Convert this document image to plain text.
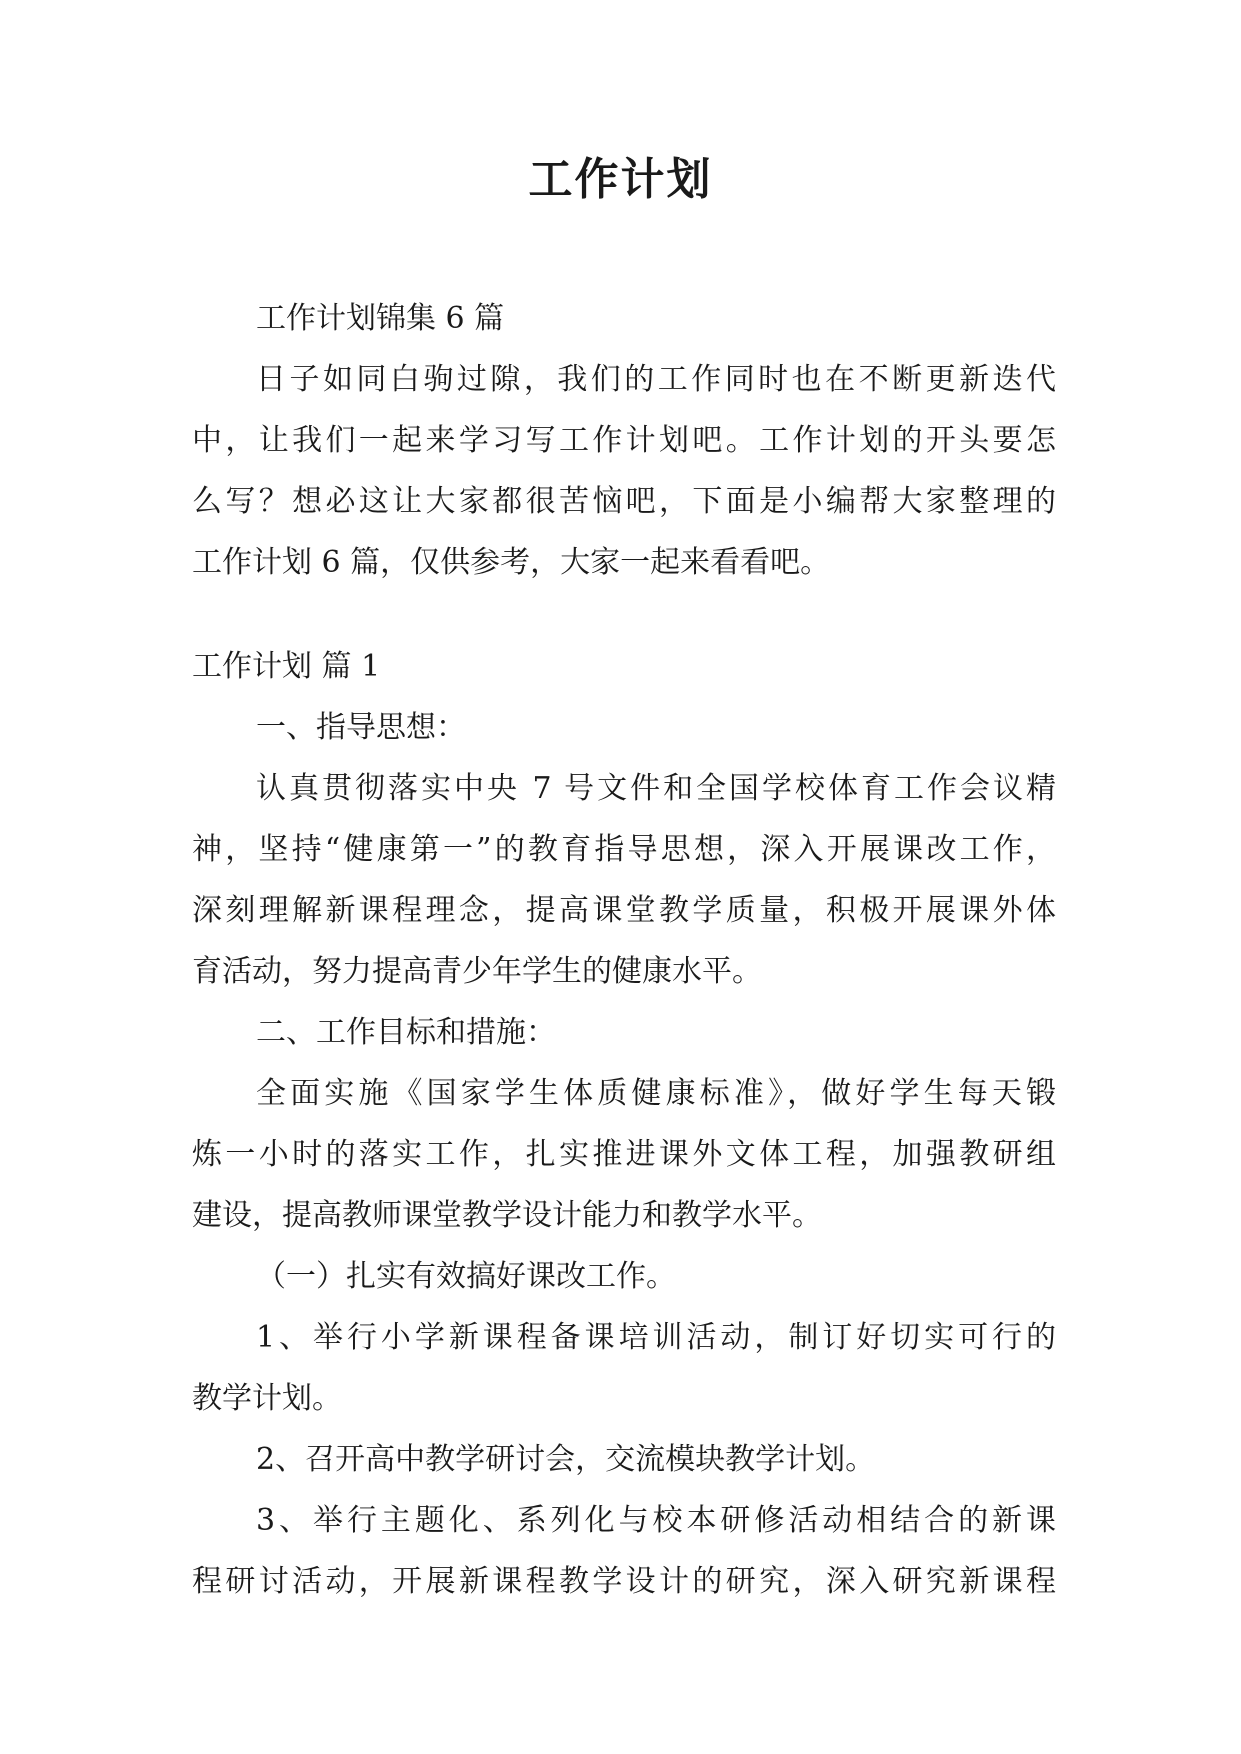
工作计划
工作计划锦集 6 篇
日子如同白驹过隙，我们的工作同时也在不断更新迭代
中，让我们一起来学习写工作计划吧。工作计划的开头要怎
么写？想必这让大家都很苦恼吧，下面是小编帮大家整理的
工作计划 6 篇，仅供参考，大家一起来看看吧。
工作计划 篇 1
一、指导思想：
认真贯彻落实中央 7 号文件和全国学校体育工作会议精
神，坚持“健康第一”的教育指导思想，深入开展课改工作，
深刻理解新课程理念，提高课堂教学质量，积极开展课外体
育活动，努力提高青少年学生的健康水平。
二、工作目标和措施：
全面实施《国家学生体质健康标准》，做好学生每天锻
炼一小时的落实工作，扎实推进课外文体工程，加强教研组
建设，提高教师课堂教学设计能力和教学水平。
（一）扎实有效搞好课改工作。
1、举行小学新课程备课培训活动，制订好切实可行的
教学计划。
2、召开高中教学研讨会，交流模块教学计划。
3、举行主题化、系列化与校本研修活动相结合的新课
程研讨活动，开展新课程教学设计的研究，深入研究新课程
